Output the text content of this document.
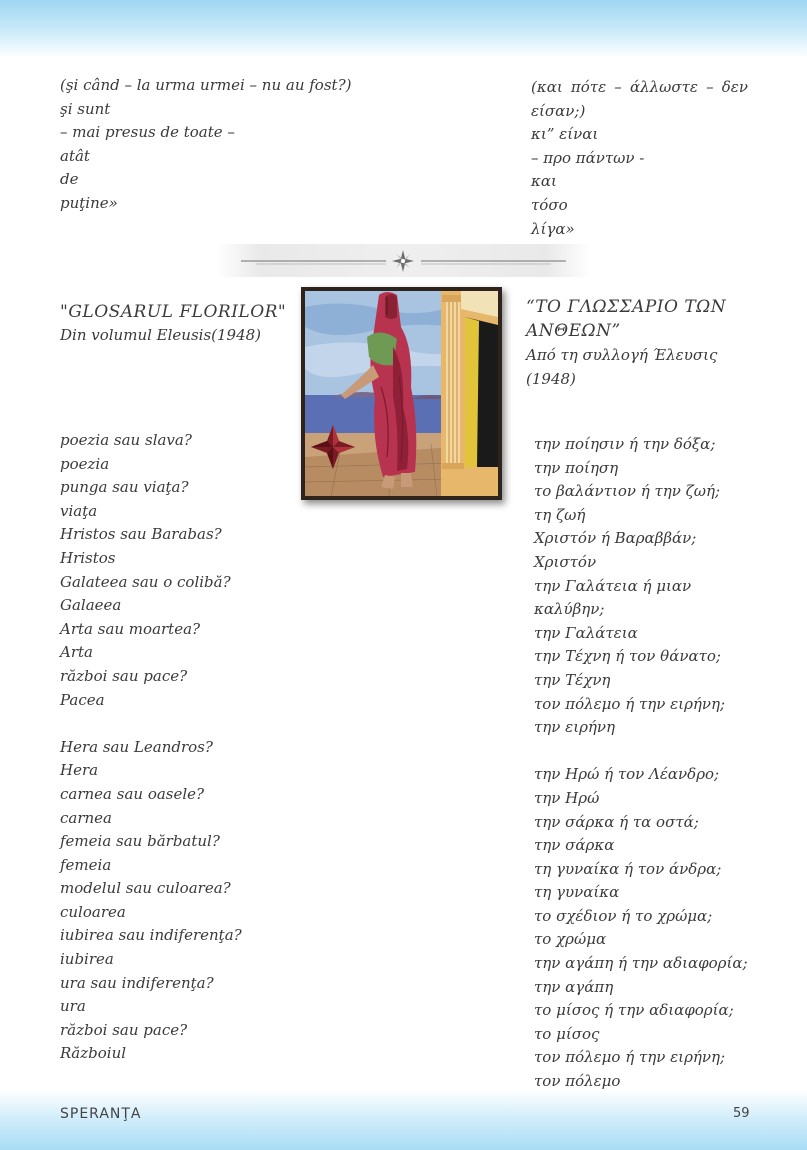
(şi când – la urma urmei – nu au fost?)
şi sunt
– mai presus de toate –
atât
de
puţine»
(και πότε – άλλωστε – δεν
είσαν;)
κι” είναι
– προ πάντων -
και
τόσο
λίγα»
"GLOSARUL FLORILOR"
Din volumul Eleusis(1948)
“ΤΟ ΓΛΩΣΣΑΡΙΟ ΤΩΝ
ΑΝΘΕΩΝ”
Από τη συλλογή Έλευσις
(1948)
poezia sau slava?
poezia
punga sau viaţa?
viaţa
Hristos sau Barabas?
Hristos
Galateea sau o colibă?
Galaeea
Arta sau moartea?
Arta
război sau pace?
Pacea
Hera sau Leandros?
Hera
carnea sau oasele?
carnea
femeia sau bărbatul?
femeia
modelul sau culoarea?
culoarea
iubirea sau indiferenţa?
iubirea
ura sau indiferenţa?
ura
război sau pace?
Războiul
την ποίησιν ή την δόξα;
την ποίηση
το βαλάντιον ή την ζωή;
τη ζωή
Χριστόν ή Βαραββάν;
Χριστόν
την Γαλάτεια ή μιαν
καλύβην;
την Γαλάτεια
την Τέχνη ή τον θάνατο;
την Τέχνη
τον πόλεμο ή την ειρήνη;
την ειρήνη
την Ηρώ ή τον Λέανδρο;
την Ηρώ
την σάρκα ή τα οστά;
την σάρκα
τη γυναίκα ή τον άνδρα;
τη γυναίκα
το σχέδιον ή το χρώμα;
το χρώμα
την αγάπη ή την αδιαφορία;
την αγάπη
το μίσος ή την αδιαφορία;
το μίσος
τον πόλεμο ή την ειρήνη;
τον πόλεμο
SPERANŢA	59
